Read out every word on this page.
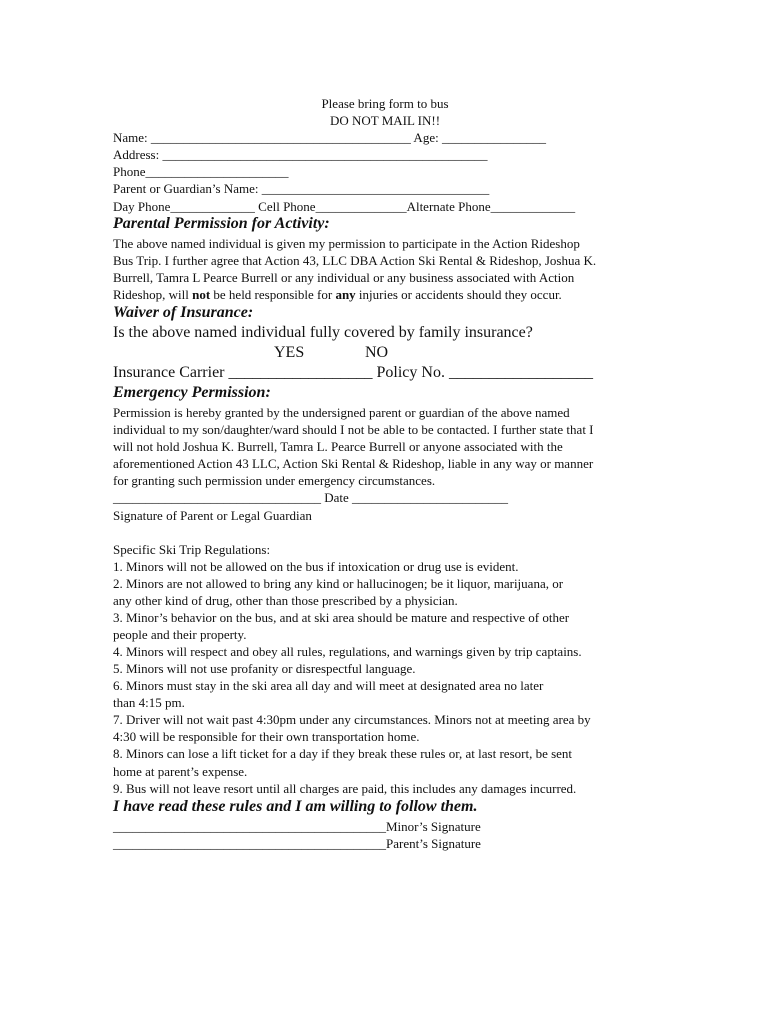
Please bring form to bus
DO NOT MAIL IN!!
Name: ________________________________________ Age: ________________
Address: __________________________________________________
Phone______________________
Parent or Guardian’s Name: ___________________________________
Day Phone_____________ Cell Phone______________Alternate Phone_____________
Parental Permission for Activity:
The above named individual is given my permission to participate in the Action Rideshop
Bus Trip. I further agree that Action 43, LLC DBA Action Ski Rental & Rideshop, Joshua K.
Burrell, Tamra L Pearce Burrell or any individual or any business associated with Action
Rideshop, will not be held responsible for any injuries or accidents should they occur.
Waiver of Insurance:
Is the above named individual fully covered by family insurance?
YES	NO
Insurance Carrier __________________ Policy No. __________________
Emergency Permission:
Permission is hereby granted by the undersigned parent or guardian of the above named
individual to my son/daughter/ward should I not be able to be contacted. I further state that I
will not hold Joshua K. Burrell, Tamra L. Pearce Burrell or anyone associated with the
aforementioned Action 43 LLC, Action Ski Rental & Rideshop, liable in any way or manner
for granting such permission under emergency circumstances.
________________________________ Date ________________________
Signature of Parent or Legal Guardian
Specific Ski Trip Regulations:
1. Minors will not be allowed on the bus if intoxication or drug use is evident.
2. Minors are not allowed to bring any kind or hallucinogen; be it liquor, marijuana, or
any other kind of drug, other than those prescribed by a physician.
3. Minor’s behavior on the bus, and at ski area should be mature and respective of other
people and their property.
4. Minors will respect and obey all rules, regulations, and warnings given by trip captains.
5. Minors will not use profanity or disrespectful language.
6. Minors must stay in the ski area all day and will meet at designated area no later
than 4:15 pm.
7. Driver will not wait past 4:30pm under any circumstances. Minors not at meeting area by
4:30 will be responsible for their own transportation home.
8. Minors can lose a lift ticket for a day if they break these rules or, at last resort, be sent
home at parent’s expense.
9. Bus will not leave resort until all charges are paid, this includes any damages incurred.
I have read these rules and I am willing to follow them.
__________________________________________Minor’s Signature
__________________________________________Parent’s Signature
